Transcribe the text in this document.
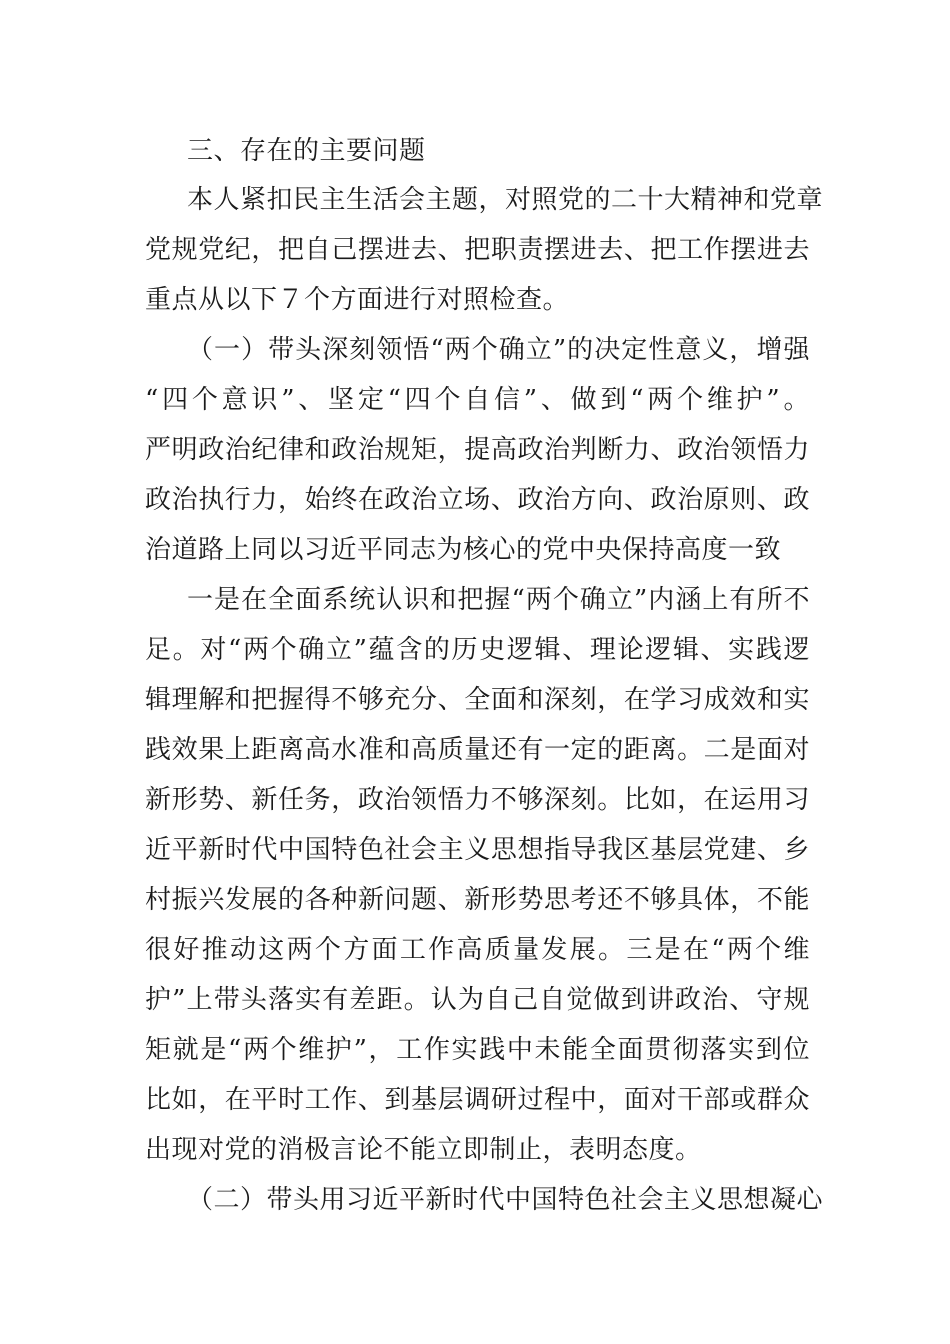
三、存在的主要问题
本人紧扣民主生活会主题，对照党的二十大精神和党章
党规党纪，把自己摆进去、把职责摆进去、把工作摆进去
重点从以下７个方面进行对照检查。
（一）带头深刻领悟“两个确立”的决定性意义，增强
“四个意识”、坚定“四个自信”、做到“两个维护”。
严明政治纪律和政治规矩，提高政治判断力、政治领悟力
政治执行力，始终在政治立场、政治方向、政治原则、政
治道路上同以习近平同志为核心的党中央保持高度一致
一是在全面系统认识和把握“两个确立”内涵上有所不
足。对“两个确立”蕴含的历史逻辑、理论逻辑、实践逻
辑理解和把握得不够充分、全面和深刻，在学习成效和实
践效果上距离高水准和高质量还有一定的距离。二是面对
新形势、新任务，政治领悟力不够深刻。比如，在运用习
近平新时代中国特色社会主义思想指导我区基层党建、乡
村振兴发展的各种新问题、新形势思考还不够具体，不能
很好推动这两个方面工作高质量发展。三是在“两个维
护”上带头落实有差距。认为自己自觉做到讲政治、守规
矩就是“两个维护”，工作实践中未能全面贯彻落实到位
比如，在平时工作、到基层调研过程中，面对干部或群众
出现对党的消极言论不能立即制止，表明态度。
（二）带头用习近平新时代中国特色社会主义思想凝心
